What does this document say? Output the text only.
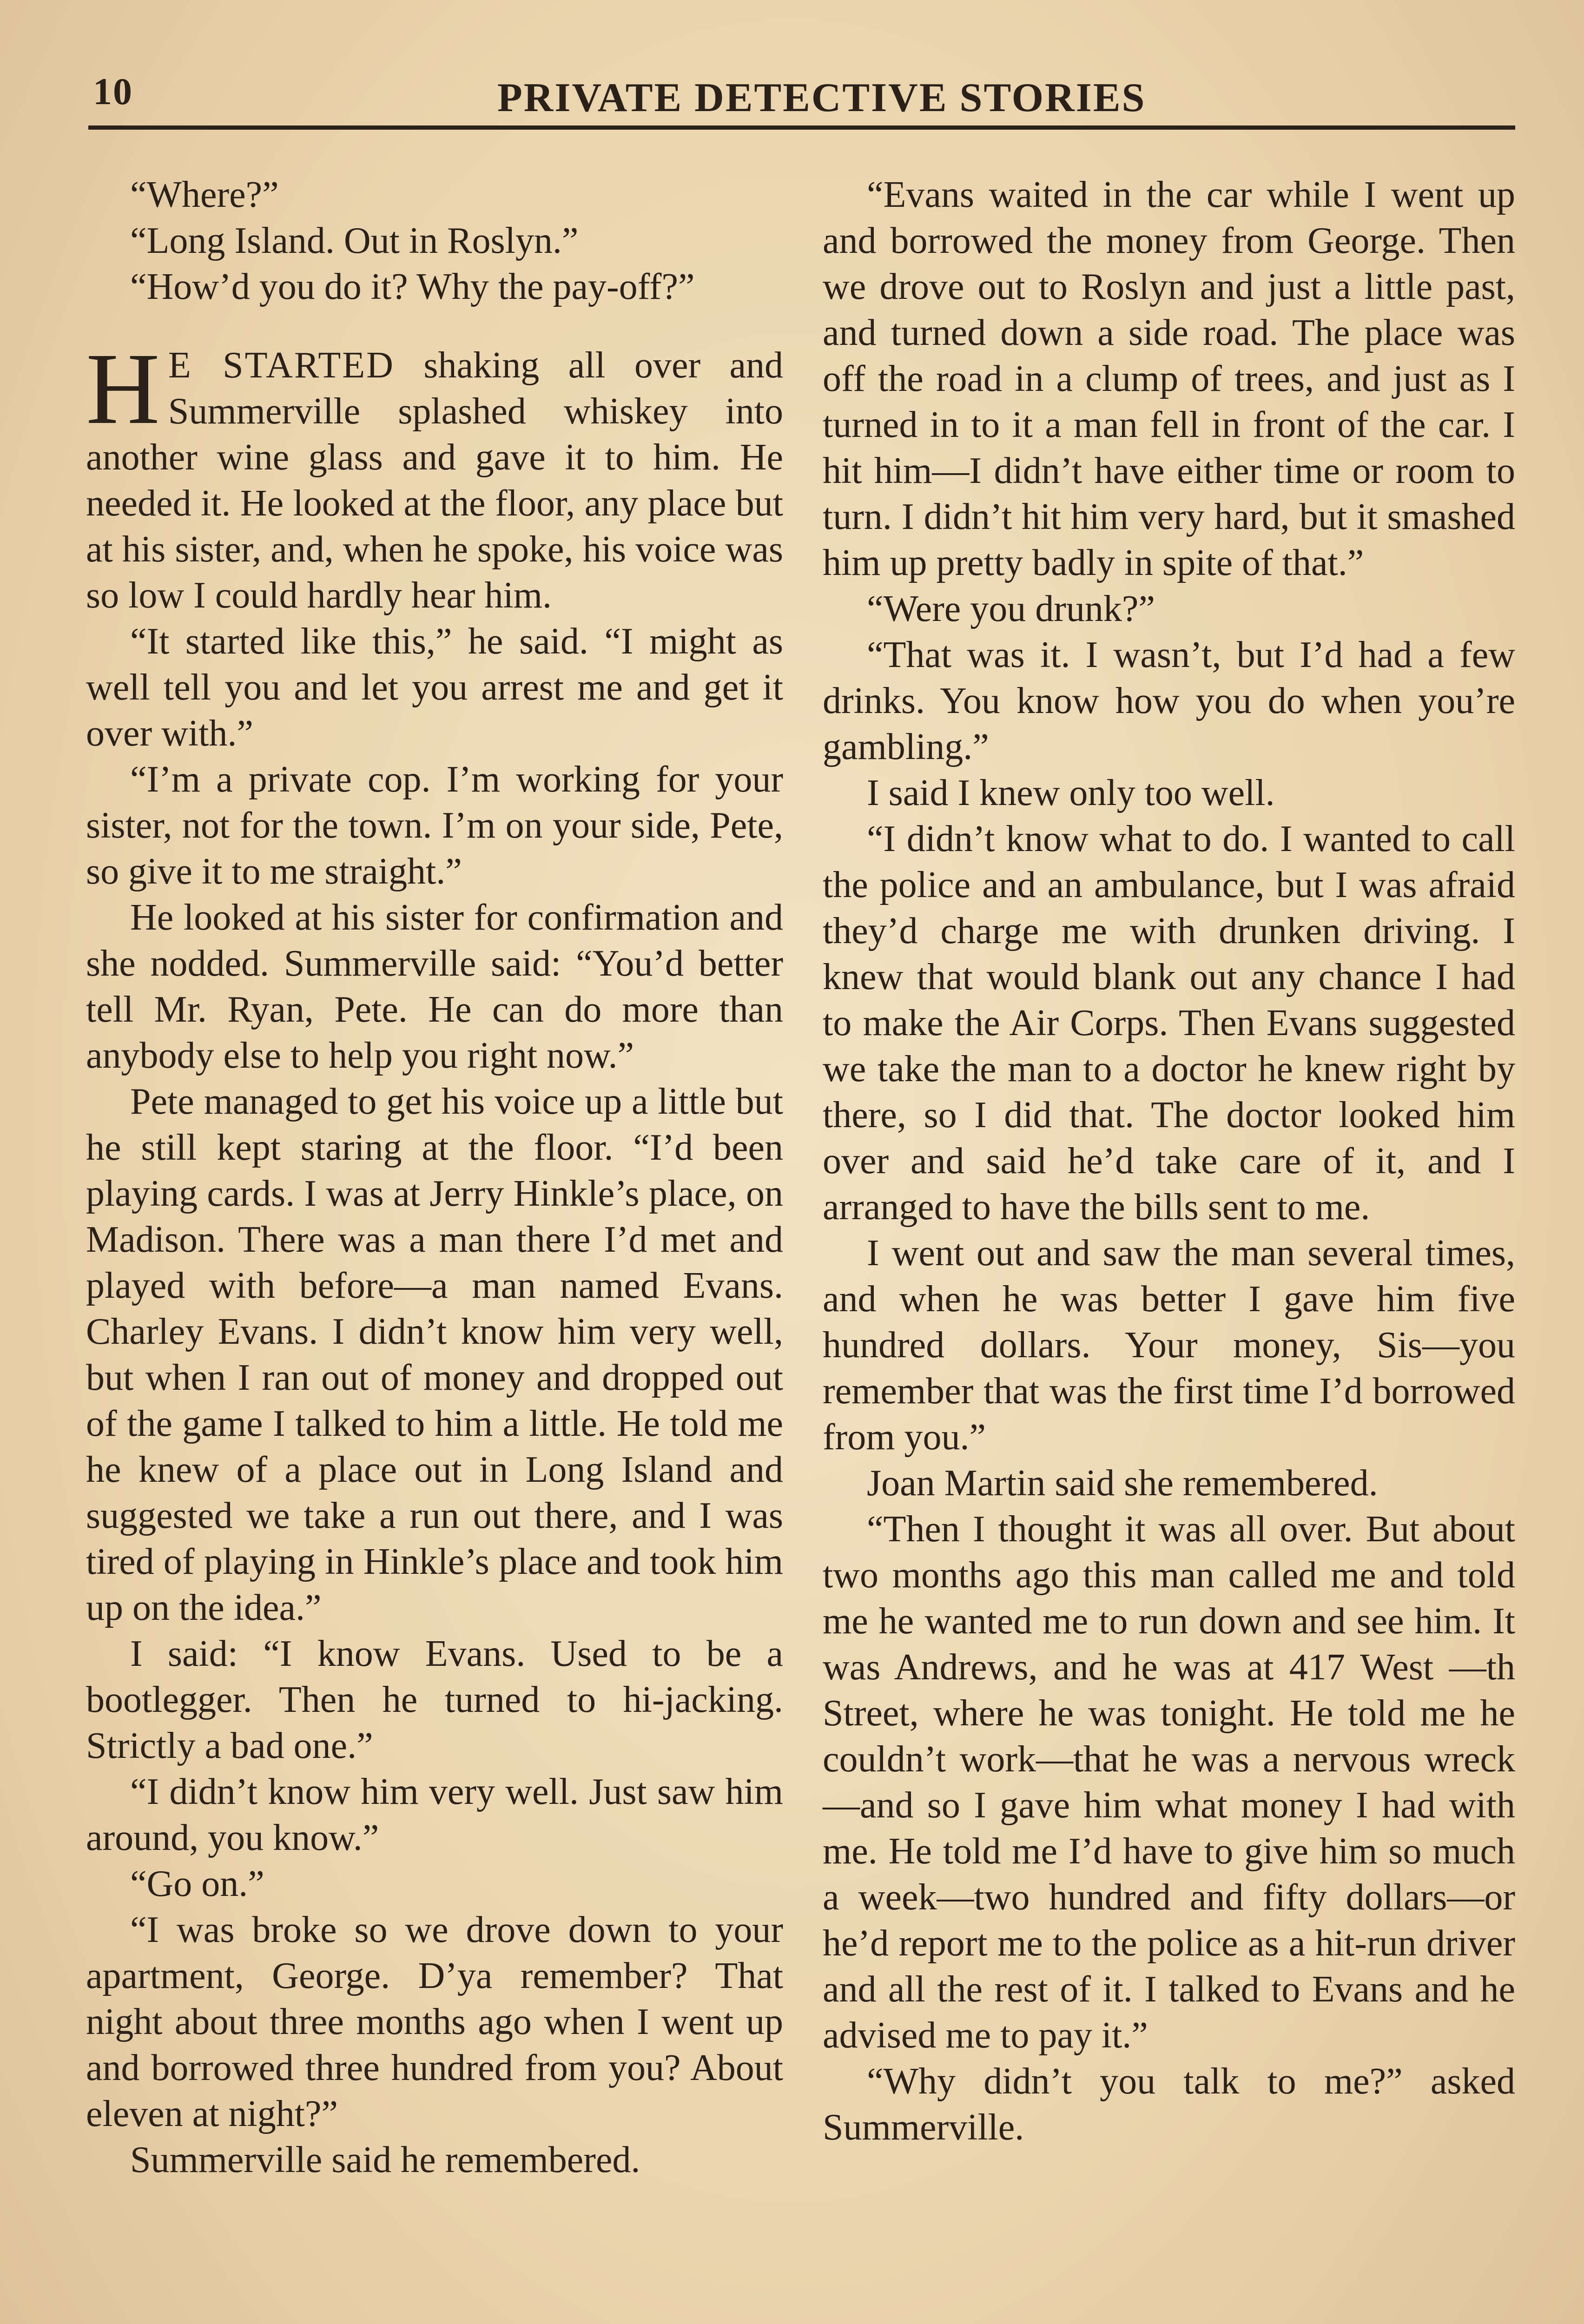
10	PRIVATE DETECTIVE STORIES

“Where?”

“Long Island. Out in Roslyn.”

“How’d you do it? Why the pay-off?”

H E STARTED shaking all over and Summerville splashed whiskey into another wine glass and gave it to him. He needed it. He looked at the floor, any place but at his sister, and, when he spoke, his voice was so low I could hardly hear him.

“It started like this,” he said. “I might as well tell you and let you arrest me and get it over with.”

“I’m a private cop. I’m working for your sister, not for the town. I’m on your side, Pete, so give it to me straight.”

He looked at his sister for confirmation and she nodded. Summerville said: “You’d better tell Mr. Ryan, Pete. He can do more than anybody else to help you right now.”

Pete managed to get his voice up a little but he still kept staring at the floor. “I’d been playing cards. I was at Jerry Hinkle’s place, on Madison. There was a man there I’d met and played with before—a man named Evans. Charley Evans. I didn’t know him very well, but when I ran out of money and dropped out of the game I talked to him a little. He told me he knew of a place out in Long Island and suggested we take a run out there, and I was tired of playing in Hinkle’s place and took him up on the idea.”

I said: “I know Evans. Used to be a bootlegger. Then he turned to hi-jacking. Strictly a bad one.”

“I didn’t know him very well. Just saw him around, you know.”

“Go on.”

“I was broke so we drove down to your apartment, George. D’ya remember? That night about three months ago when I went up and borrowed three hundred from you? About eleven at night?”

Summerville said he remembered.

“Evans waited in the car while I went up and borrowed the money from George. Then we drove out to Roslyn and just a little past, and turned down a side road. The place was off the road in a clump of trees, and just as I turned in to it a man fell in front of the car. I hit him—I didn’t have either time or room to turn. I didn’t hit him very hard, but it smashed him up pretty badly in spite of that.”

“Were you drunk?”

“That was it. I wasn’t, but I’d had a few drinks. You know how you do when you’re gambling.”

I said I knew only too well.

“I didn’t know what to do. I wanted to call the police and an ambulance, but I was afraid they’d charge me with drunken driving. I knew that would blank out any chance I had to make the Air Corps. Then Evans suggested we take the man to a doctor he knew right by there, so I did that. The doctor looked him over and said he’d take care of it, and I arranged to have the bills sent to me.

I went out and saw the man several times, and when he was better I gave him five hundred dollars. Your money, Sis—you remember that was the first time I’d borrowed from you.”

Joan Martin said she remembered.

“Then I thought it was all over. But about two months ago this man called me and told me he wanted me to run down and see him. It was Andrews, and he was at 417 West —th Street, where he was tonight. He told me he couldn’t work—that he was a nervous wreck—and so I gave him what money I had with me. He told me I’d have to give him so much a week—two hundred and fifty dollars—or he’d report me to the police as a hit-run driver and all the rest of it. I talked to Evans and he advised me to pay it.”

“Why didn’t you talk to me?” asked Summerville.
